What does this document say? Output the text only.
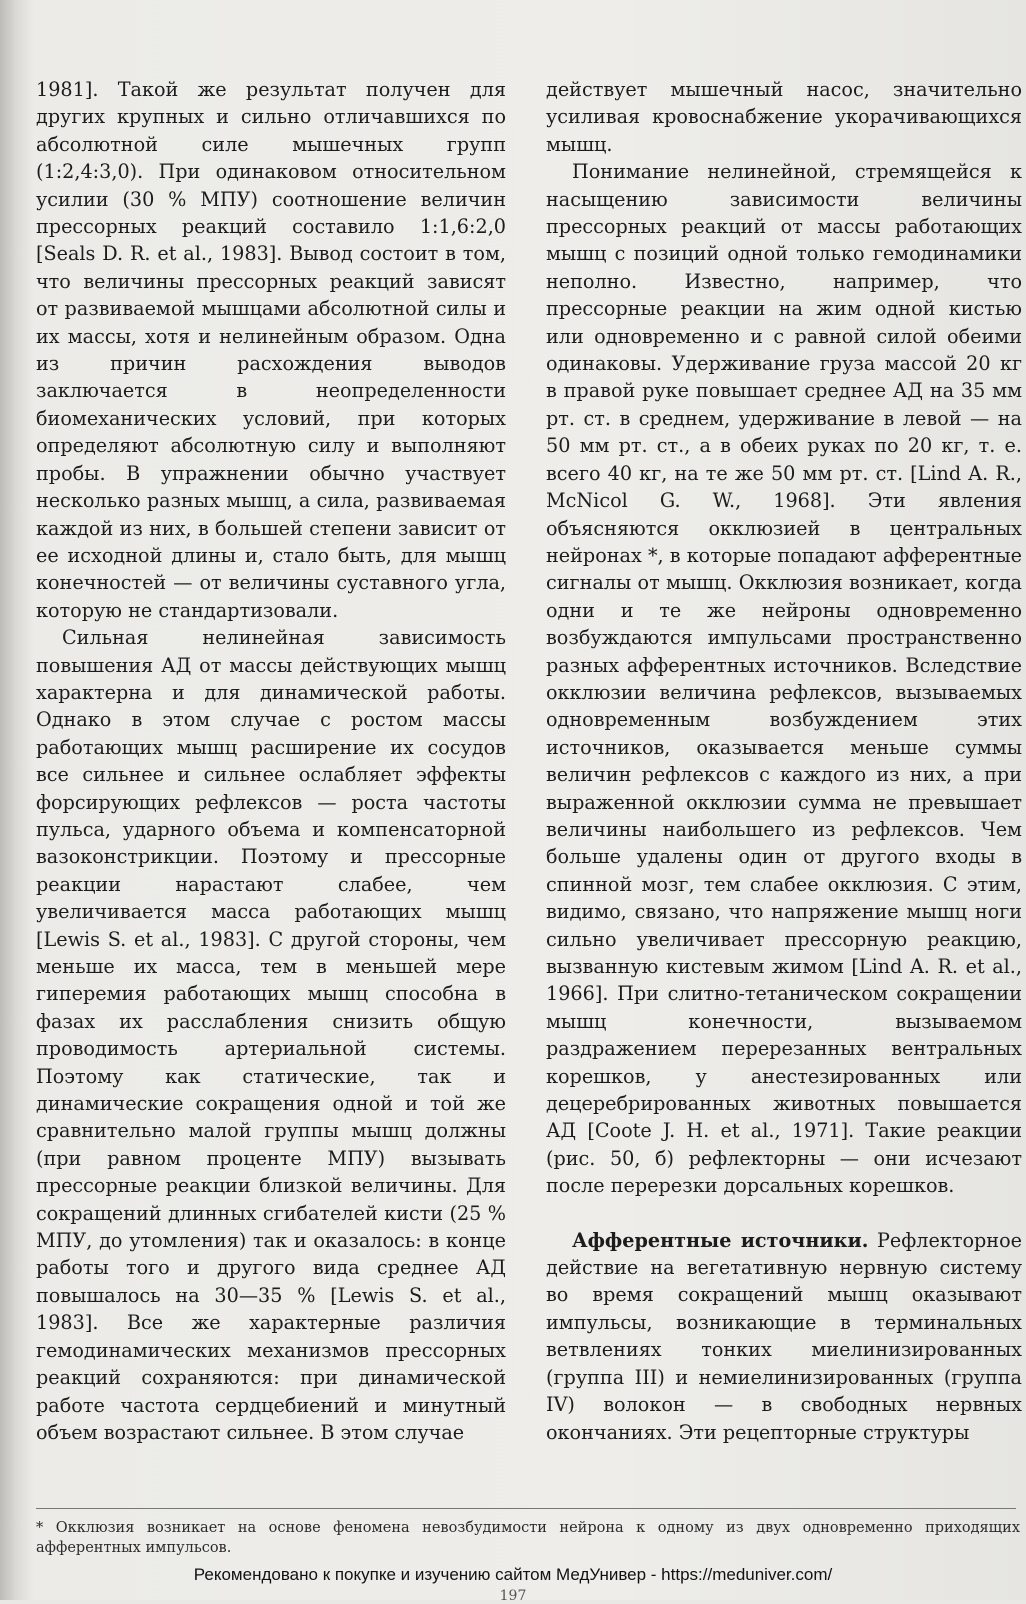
1981]. Такой же результат получен для других крупных и сильно отличавшихся по абсолютной силе мышечных групп (1:2,4:3,0). При одинаковом относительном усилии (30 % МПУ) соотношение величин прессорных реакций составило 1:1,6:2,0 [Seals D. R. et al., 1983]. Вывод состоит в том, что величины прессорных реакций зависят от развиваемой мышцами абсолютной силы и их массы, хотя и нелинейным образом. Одна из причин расхождения выводов заключается в неопределенности биомеханических условий, при которых определяют абсолютную силу и выполняют пробы. В упражнении обычно участвует несколько разных мышц, а сила, развиваемая каждой из них, в большей степени зависит от ее исходной длины и, стало быть, для мышц конечностей — от величины суставного угла, которую не стандартизовали.

Сильная нелинейная зависимость повышения АД от массы действующих мышц характерна и для динамической работы. Однако в этом случае с ростом массы работающих мышц расширение их сосудов все сильнее и сильнее ослабляет эффекты форсирующих рефлексов — роста частоты пульса, ударного объема и компенсаторной вазоконстрикции. Поэтому и прессорные реакции нарастают слабее, чем увеличивается масса работающих мышц [Lewis S. et al., 1983]. С другой стороны, чем меньше их масса, тем в меньшей мере гиперемия работающих мышц способна в фазах их расслабления снизить общую проводимость артериальной системы. Поэтому как статические, так и динамические сокращения одной и той же сравнительно малой группы мышц должны (при равном проценте МПУ) вызывать прессорные реакции близкой величины. Для сокращений длинных сгибателей кисти (25 % МПУ, до утомления) так и оказалось: в конце работы того и другого вида среднее АД повышалось на 30—35 % [Lewis S. et al., 1983]. Все же характерные различия гемодинамических механизмов прессорных реакций сохраняются: при динамической работе частота сердцебиений и минутный объем возрастают сильнее. В этом случае

действует мышечный насос, значительно усиливая кровоснабжение укорачивающихся мышц.

Понимание нелинейной, стремящейся к насыщению зависимости величины прессорных реакций от массы работающих мышц с позиций одной только гемодинамики неполно. Известно, например, что прессорные реакции на жим одной кистью или одновременно и с равной силой обеими одинаковы. Удерживание груза массой 20 кг в правой руке повышает среднее АД на 35 мм рт. ст. в среднем, удерживание в левой — на 50 мм рт. ст., а в обеих руках по 20 кг, т. е. всего 40 кг, на те же 50 мм рт. ст. [Lind A. R., McNicol G. W., 1968]. Эти явления объясняются окклюзией в центральных нейронах *, в которые попадают афферентные сигналы от мышц. Окклюзия возникает, когда одни и те же нейроны одновременно возбуждаются импульсами пространственно разных афферентных источников. Вследствие окклюзии величина рефлексов, вызываемых одновременным возбуждением этих источников, оказывается меньше суммы величин рефлексов с каждого из них, а при выраженной окклюзии сумма не превышает величины наибольшего из рефлексов. Чем больше удалены один от другого входы в спинной мозг, тем слабее окклюзия. С этим, видимо, связано, что напряжение мышц ноги сильно увеличивает прессорную реакцию, вызванную кистевым жимом [Lind A. R. et al., 1966]. При слитно-тетаническом сокращении мышц конечности, вызываемом раздражением перерезанных вентральных корешков, у анестезированных или децеребрированных животных повышается АД [Coote J. H. et al., 1971]. Такие реакции (рис. 50, б) рефлекторны — они исчезают после перерезки дорсальных корешков.

Афферентные источники. Рефлекторное действие на вегетативную нервную систему во время сокращений мышц оказывают импульсы, возникающие в терминальных ветвлениях тонких миелинизированных (группа III) и немиелинизированных (группа IV) волокон — в свободных нервных окончаниях. Эти рецепторные структуры

* Окклюзия возникает на основе феномена невозбудимости нейрона к одному из двух одновременно приходящих афферентных импульсов.
Рекомендовано к покупке и изучению сайтом МедУнивер - https://meduniver.com/
197
